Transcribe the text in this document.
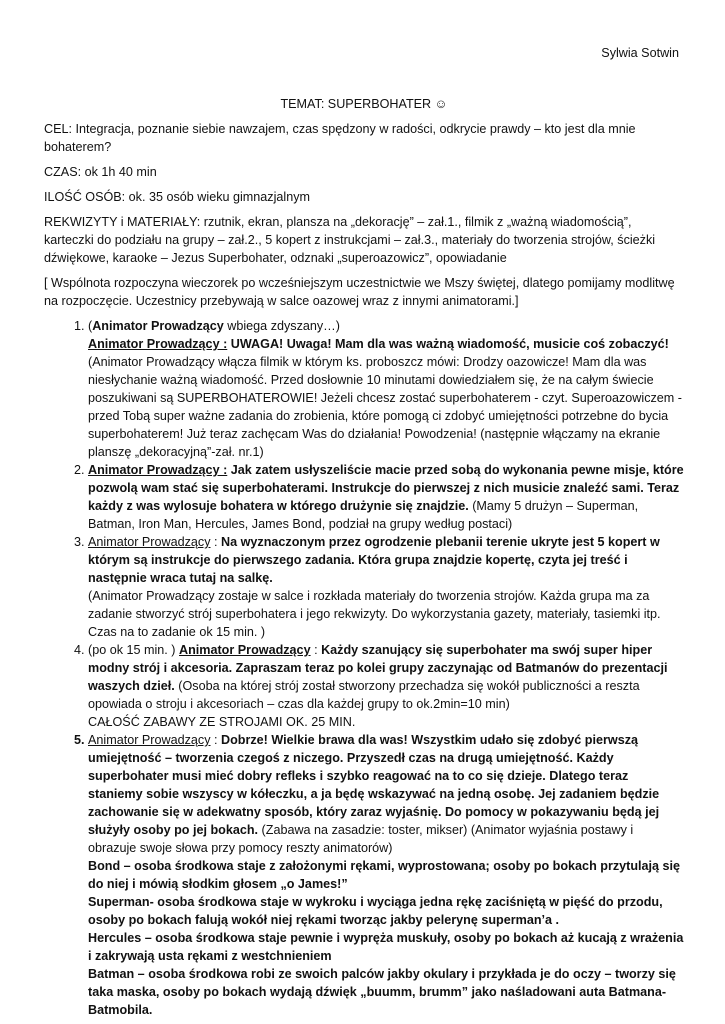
Sylwia Sotwin

TEMAT: SUPERBOHATER ☺

CEL: Integracja, poznanie siebie nawzajem, czas spędzony w radości, odkrycie prawdy – kto jest dla mnie bohaterem?

CZAS: ok 1h 40 min

ILOŚĆ OSÓB: ok. 35 osób wieku gimnazjalnym

REKWIZYTY i MATERIAŁY: rzutnik, ekran, plansza na „dekorację” – zał.1., filmik z „ważną wiadomością”, karteczki do podziału na grupy – zał.2., 5 kopert z instrukcjami – zał.3., materiały do tworzenia strojów, ścieżki dźwiękowe, karaoke – Jezus Superbohater, odznaki „superoazowicz”, opowiadanie

[ Wspólnota rozpoczyna wieczorek po wcześniejszym uczestnictwie we Mszy świętej, dlatego pomijamy modlitwę na rozpoczęcie. Uczestnicy przebywają w salce oazowej wraz z innymi animatorami.]

1. (Animator Prowadzący wbiega zdyszany…)
Animator Prowadzący : UWAGA! Uwaga! Mam dla was ważną wiadomość, musicie coś zobaczyć!
(Animator Prowadzący włącza filmik w którym ks. proboszcz mówi: Drodzy oazowicze! Mam dla was niesłychanie ważną wiadomość. Przed dosłownie 10 minutami dowiedziałem się, że na całym świecie poszukiwani są SUPERBOHATEROWIE! Jeżeli chcesz zostać superbohaterem - czyt. Superoazowiczem - przed Tobą super ważne zadania do zrobienia, które pomogą ci zdobyć umiejętności potrzebne do bycia superbohaterem! Już teraz zachęcam Was do działania! Powodzenia! (następnie włączamy na ekranie planszę „dekoracyjną”-zał. nr.1)
2. Animator Prowadzący : Jak zatem usłyszeliście macie przed sobą do wykonania pewne misje, które pozwolą wam stać się superbohaterami. Instrukcje do pierwszej z nich musicie znaleźć sami. Teraz każdy z was wylosuje bohatera w którego drużynie się znajdzie. (Mamy 5 drużyn – Superman, Batman, Iron Man, Hercules, James Bond, podział na grupy według postaci)
3. Animator Prowadzący : Na wyznaczonym przez ogrodzenie plebanii terenie ukryte jest 5 kopert w którym są instrukcje do pierwszego zadania. Która grupa znajdzie kopertę, czyta jej treść i następnie wraca tutaj na salkę.
(Animator Prowadzący zostaje w salce i rozkłada materiały do tworzenia strojów. Każda grupa ma za zadanie stworzyć strój superbohatera i jego rekwizyty. Do wykorzystania gazety, materiały, tasiemki itp. Czas na to zadanie ok 15 min. )
4. (po ok 15 min. ) Animator Prowadzący : Każdy szanujący się superbohater ma swój super hiper modny strój i akcesoria. Zapraszam teraz po kolei grupy zaczynając od Batmanów do prezentacji waszych dzieł. (Osoba na której strój został stworzony przechadza się wokół publiczności a reszta opowiada o stroju i akcesoriach – czas dla każdej grupy to ok.2min=10 min)
CAŁOŚĆ ZABAWY ZE STROJAMI OK. 25 MIN.
5. Animator Prowadzący : Dobrze! Wielkie brawa dla was! Wszystkim udało się zdobyć pierwszą umiejętność – tworzenia czegoś z niczego. Przyszedł czas na drugą umiejętność. Każdy superbohater musi mieć dobry refleks i szybko reagować na to co się dzieje. Dlatego teraz staniemy sobie wszyscy w kółeczku, a ja będę wskazywać na jedną osobę. Jej zadaniem będzie zachowanie się w adekwatny sposób, który zaraz wyjaśnię. Do pomocy w pokazywaniu będą jej służyły osoby po jej bokach. (Zabawa na zasadzie: toster, mikser) (Animator wyjaśnia postawy i obrazuje swoje słowa przy pomocy reszty animatorów)
Bond – osoba środkowa staje z założonymi rękami, wyprostowana; osoby po bokach przytulają się do niej i mówią słodkim głosem „o James!”
Superman- osoba środkowa staje w wykroku i wyciąga jedna rękę zaciśniętą w pięść do przodu, osoby po bokach falują wokół niej rękami tworząc jakby pelerynę superman’a .
Hercules – osoba środkowa staje pewnie i wypręża muskuły, osoby po bokach aż kucają z wrażenia i zakrywają usta rękami z westchnieniem
Batman – osoba środkowa robi ze swoich palców jakby okulary i przykłada je do oczy – tworzy się taka maska, osoby po bokach wydają dźwięk „buumm, brumm” jako naśladowani auta Batmana- Batmobila.
